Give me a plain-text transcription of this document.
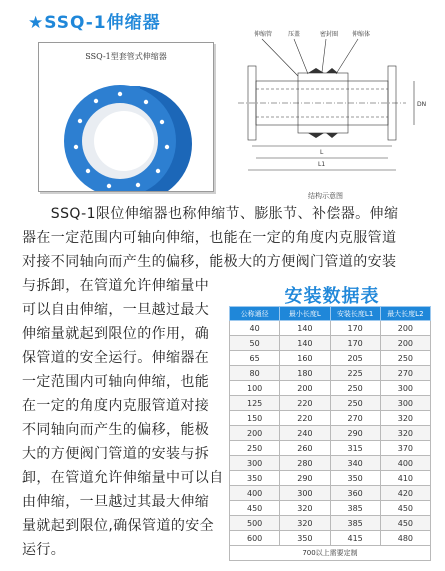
★SSQ-1伸缩器
SSQ-1型套管式伸缩器
伸缩管	压盖	密封圈 伸缩体
L
L1
DN
结构示意图
　　SSQ-1限位伸缩器也称伸缩节、膨胀节、补偿器。伸缩
器在一定范围内可轴向伸缩，也能在一定的角度内克服管道
对接不同轴向而产生的偏移，能极大的方便阀门管道的安装
与拆卸，在管道允许伸缩量中
可以自由伸缩，一旦越过最大
伸缩量就起到限位的作用，确
保管道的安全运行。伸缩器在
一定范围内可轴向伸缩，也能
在一定的角度内克服管道对接
不同轴向而产生的偏移，能极
大的方便阀门管道的安装与拆
卸，在管道允许伸缩量中可以自
由伸缩，一旦越过其最大伸缩
量就起到限位,确保管道的安全
运行。
安装数据表
公称通径	最小长度L	安装长度L1	最大长度L2
40	140	170	200
50	140	170	200
65	160	205	250
80	180	225	270
100	200	250	300
125	220	250	300
150	220	270	320
200	240	290	320
250	260	315	370
300	280	340	400
350	290	350	410
400	300	360	420
450	320	385	450
500	320	385	450
600	350	415	480
700以上需要定制			
